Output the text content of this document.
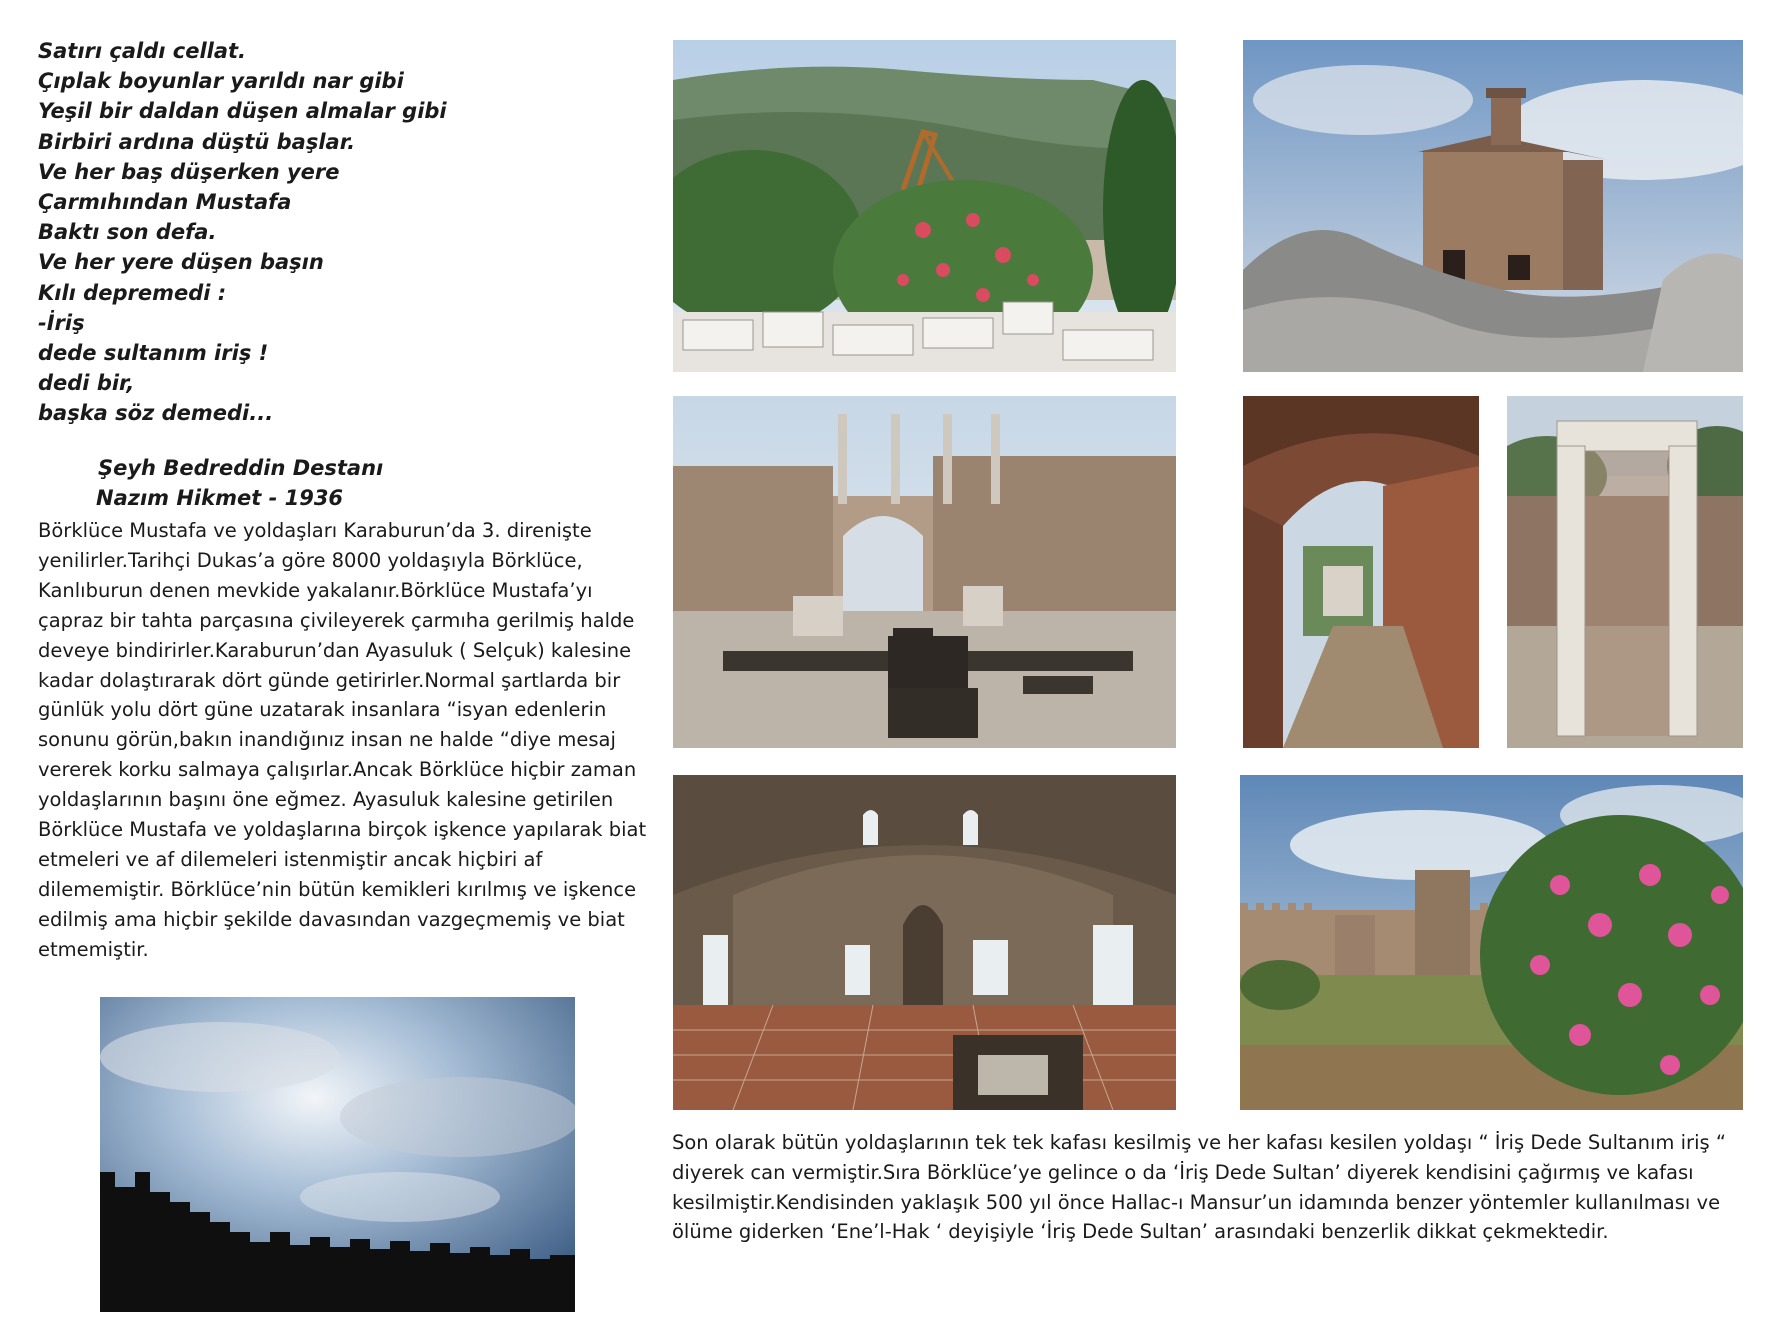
Satırı çaldı cellat.
Çıplak boyunlar yarıldı nar gibi
Yeşil bir daldan düşen almalar gibi
Birbiri ardına düştü başlar.
Ve her baş düşerken yere
Çarmıhından Mustafa
Baktı son defa.
Ve her yere düşen başın
Kılı depremedi :
-İriş
dede sultanım iriş !
dedi bir,
başka söz demedi...
Şeyh Bedreddin Destanı
Nazım Hikmet - 1936

Börklüce Mustafa ve yoldaşları Karaburun’da 3. direnişte yenilirler.Tarihçi Dukas’a göre 8000 yoldaşıyla Börklüce, Kanlıburun denen mevkide yakalanır.Börklüce Mustafa’yı çapraz bir tahta parçasına çivileyerek çarmıha gerilmiş halde deveye bindirirler.Karaburun’dan Ayasuluk ( Selçuk) kalesine kadar dolaştırarak dört günde getirirler.Normal şartlarda bir günlük yolu dört güne uzatarak insanlara “isyan edenlerin sonunu görün,bakın inandığınız insan ne halde “diye mesaj vererek korku salmaya çalışırlar.Ancak Börklüce hiçbir zaman yoldaşlarının başını öne eğmez. Ayasuluk kalesine getirilen Börklüce Mustafa ve yoldaşlarına birçok işkence yapılarak biat etmeleri ve af dilemeleri istenmiştir ancak hiçbiri af dilememiştir. Börklüce’nin bütün kemikleri kırılmış ve işkence edilmiş ama hiçbir şekilde davasından vazgeçmemiş ve biat etmemiştir.

Son olarak bütün yoldaşlarının tek tek kafası kesilmiş ve her kafası kesilen yoldaşı “ İriş Dede Sultanım iriş “ diyerek can vermiştir.Sıra Börklüce’ye gelince o da ‘İriş Dede Sultan’ diyerek kendisini çağırmış ve kafası kesilmiştir.Kendisinden yaklaşık 500 yıl önce Hallac-ı Mansur’un idamında benzer yöntemler kullanılması ve ölüme giderken ‘Ene’l-Hak ‘ deyişiyle ‘İriş Dede Sultan’ arasındaki benzerlik dikkat çekmektedir.
